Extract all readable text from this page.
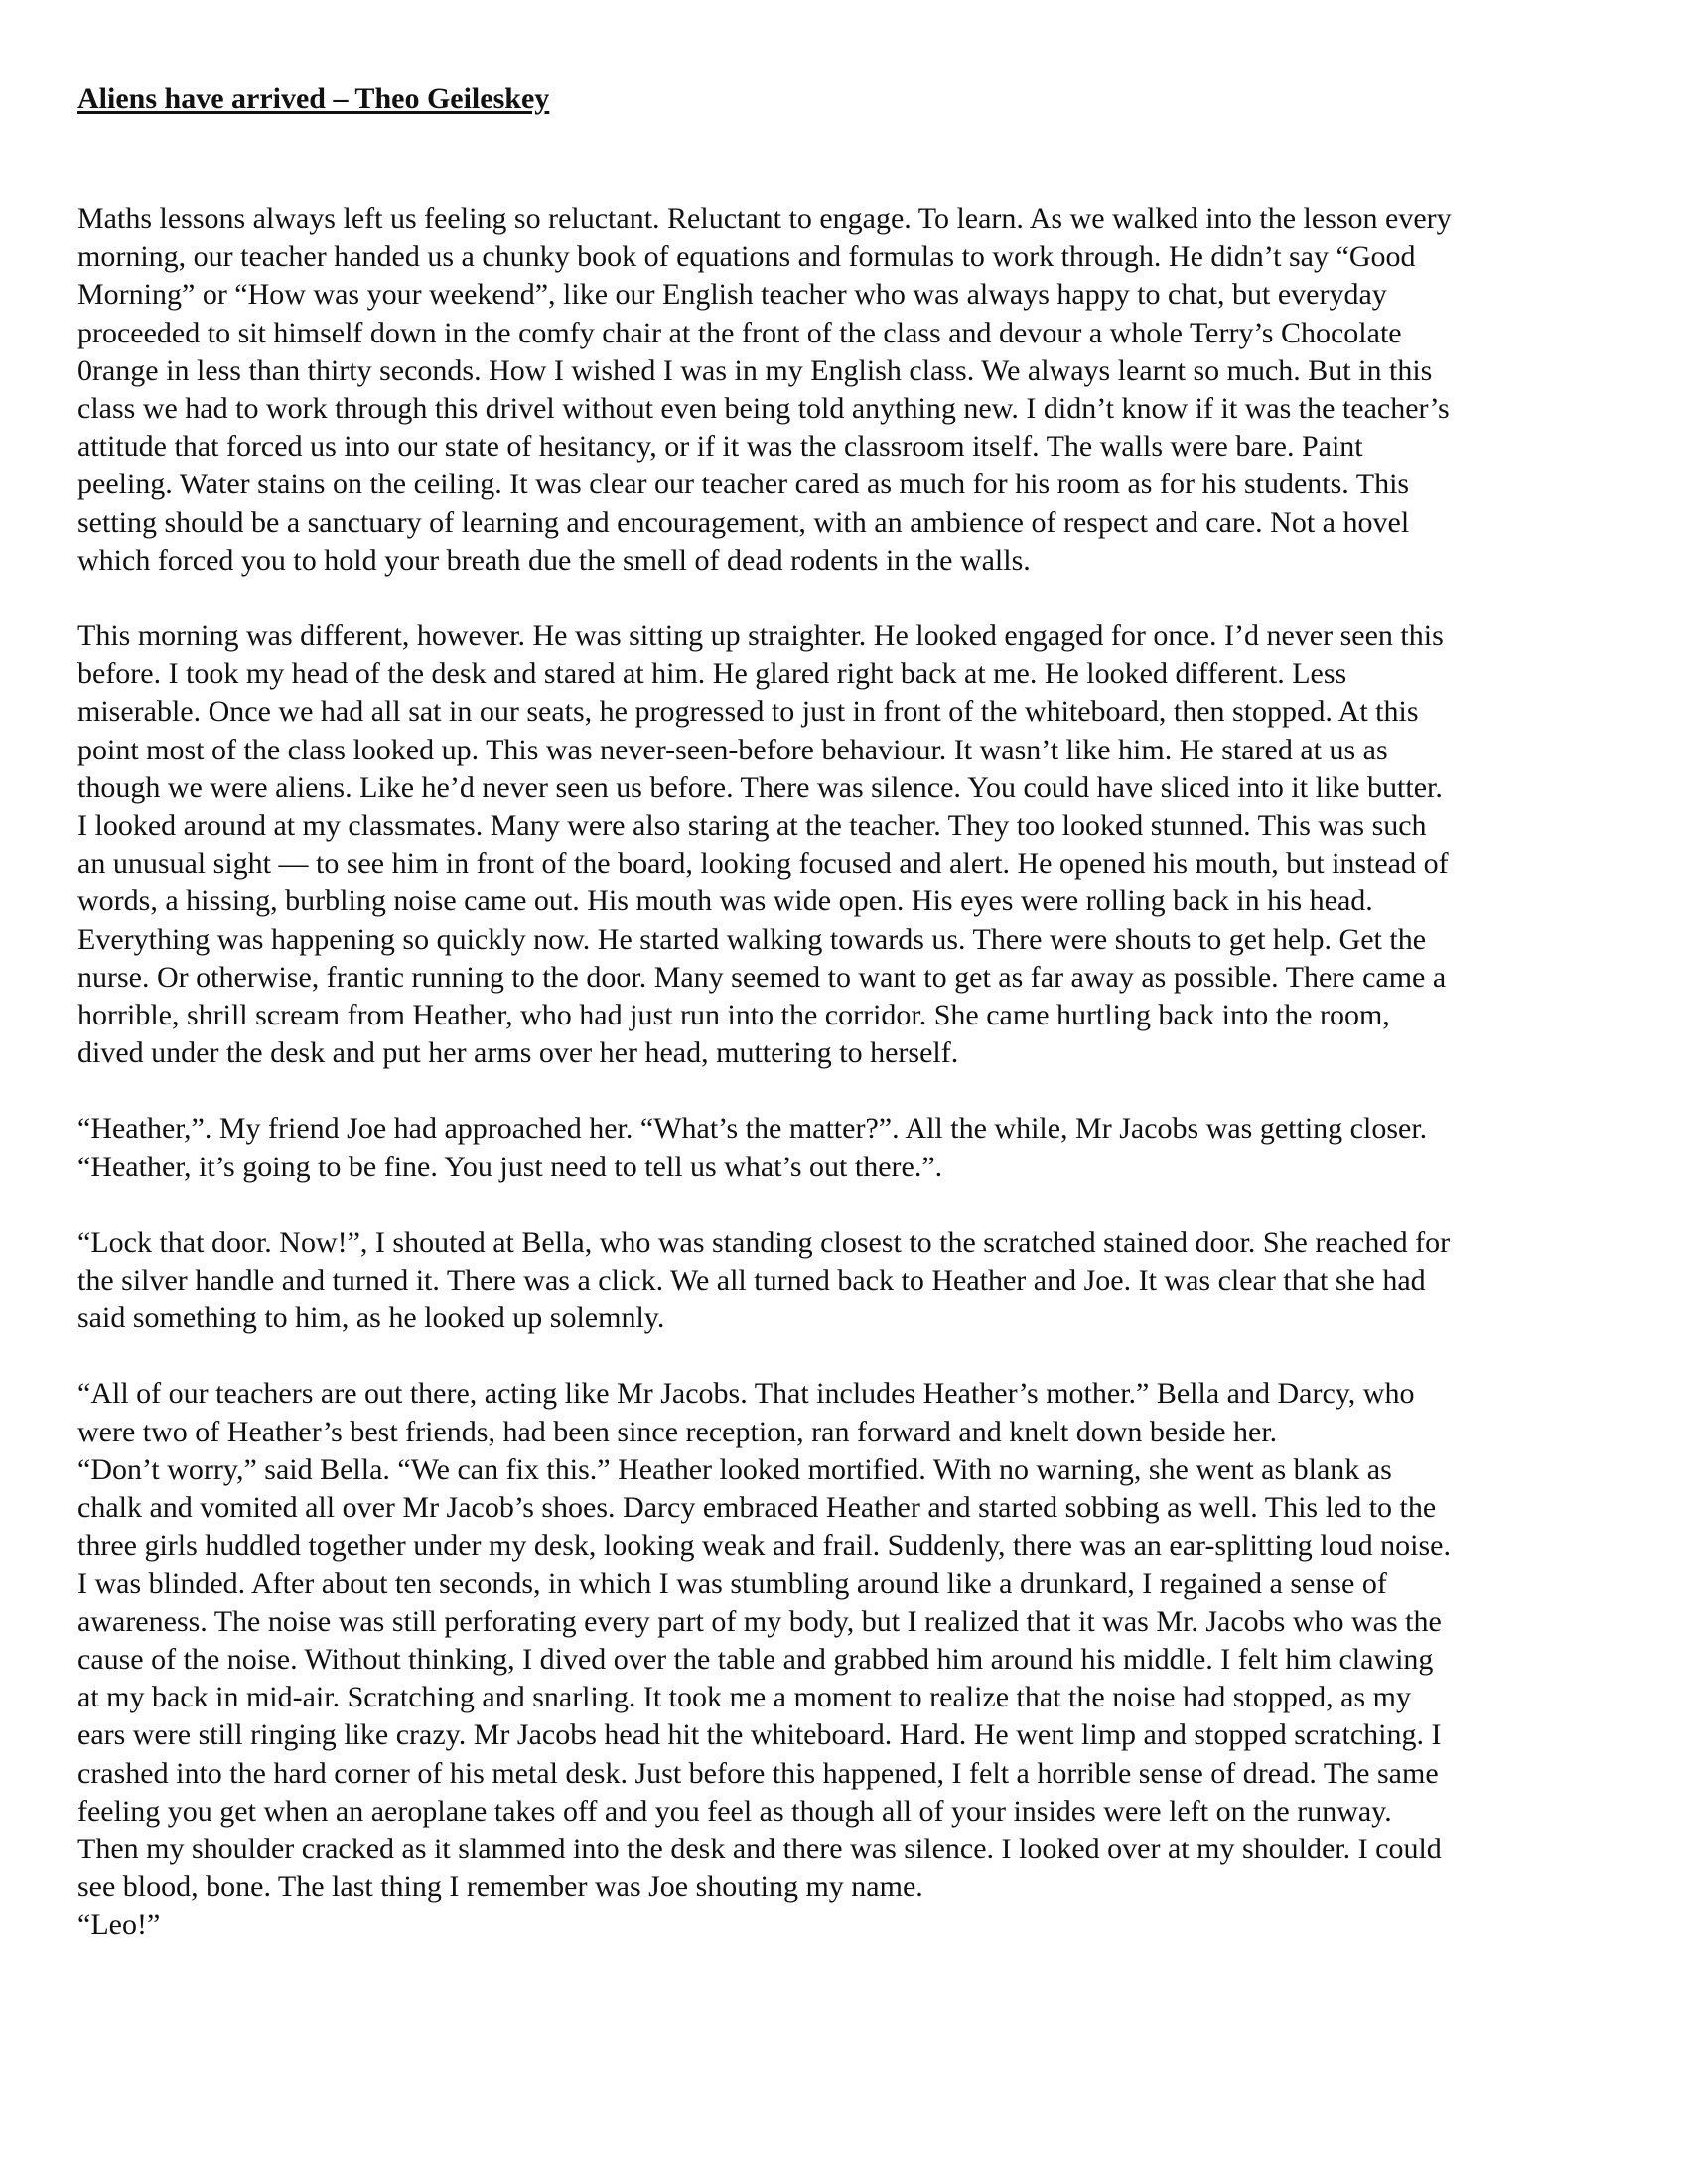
Aliens have arrived – Theo Geileskey
Maths lessons always left us feeling so reluctant. Reluctant to engage. To learn. As we walked into the lesson every
morning, our teacher handed us a chunky book of equations and formulas to work through. He didn’t say “Good
Morning” or “How was your weekend”, like our English teacher who was always happy to chat, but everyday
proceeded to sit himself down in the comfy chair at the front of the class and devour a whole Terry’s Chocolate
0range in less than thirty seconds. How I wished I was in my English class. We always learnt so much. But in this
class we had to work through this drivel without even being told anything new. I didn’t know if it was the teacher’s
attitude that forced us into our state of hesitancy, or if it was the classroom itself. The walls were bare. Paint
peeling. Water stains on the ceiling. It was clear our teacher cared as much for his room as for his students. This
setting should be a sanctuary of learning and encouragement, with an ambience of respect and care. Not a hovel
which forced you to hold your breath due the smell of dead rodents in the walls.
This morning was different, however. He was sitting up straighter. He looked engaged for once. I’d never seen this
before. I took my head of the desk and stared at him. He glared right back at me. He looked different. Less
miserable. Once we had all sat in our seats, he progressed to just in front of the whiteboard, then stopped. At this
point most of the class looked up. This was never-seen-before behaviour. It wasn’t like him. He stared at us as
though we were aliens. Like he’d never seen us before. There was silence. You could have sliced into it like butter.
I looked around at my classmates. Many were also staring at the teacher. They too looked stunned. This was such
an unusual sight — to see him in front of the board, looking focused and alert. He opened his mouth, but instead of
words, a hissing, burbling noise came out. His mouth was wide open. His eyes were rolling back in his head.
Everything was happening so quickly now. He started walking towards us. There were shouts to get help. Get the
nurse. Or otherwise, frantic running to the door. Many seemed to want to get as far away as possible. There came a
horrible, shrill scream from Heather, who had just run into the corridor. She came hurtling back into the room,
dived under the desk and put her arms over her head, muttering to herself.
“Heather,”. My friend Joe had approached her. “What’s the matter?”. All the while, Mr Jacobs was getting closer.
“Heather, it’s going to be fine. You just need to tell us what’s out there.”.
“Lock that door. Now!”, I shouted at Bella, who was standing closest to the scratched stained door. She reached for
the silver handle and turned it. There was a click. We all turned back to Heather and Joe. It was clear that she had
said something to him, as he looked up solemnly.
“All of our teachers are out there, acting like Mr Jacobs. That includes Heather’s mother.” Bella and Darcy, who
were two of Heather’s best friends, had been since reception, ran forward and knelt down beside her.
“Don’t worry,” said Bella. “We can fix this.” Heather looked mortified. With no warning, she went as blank as
chalk and vomited all over Mr Jacob’s shoes. Darcy embraced Heather and started sobbing as well. This led to the
three girls huddled together under my desk, looking weak and frail. Suddenly, there was an ear-splitting loud noise.
I was blinded. After about ten seconds, in which I was stumbling around like a drunkard, I regained a sense of
awareness. The noise was still perforating every part of my body, but I realized that it was Mr. Jacobs who was the
cause of the noise. Without thinking, I dived over the table and grabbed him around his middle. I felt him clawing
at my back in mid-air. Scratching and snarling. It took me a moment to realize that the noise had stopped, as my
ears were still ringing like crazy. Mr Jacobs head hit the whiteboard. Hard. He went limp and stopped scratching. I
crashed into the hard corner of his metal desk. Just before this happened, I felt a horrible sense of dread. The same
feeling you get when an aeroplane takes off and you feel as though all of your insides were left on the runway.
Then my shoulder cracked as it slammed into the desk and there was silence. I looked over at my shoulder. I could
see blood, bone. The last thing I remember was Joe shouting my name.
“Leo!”
